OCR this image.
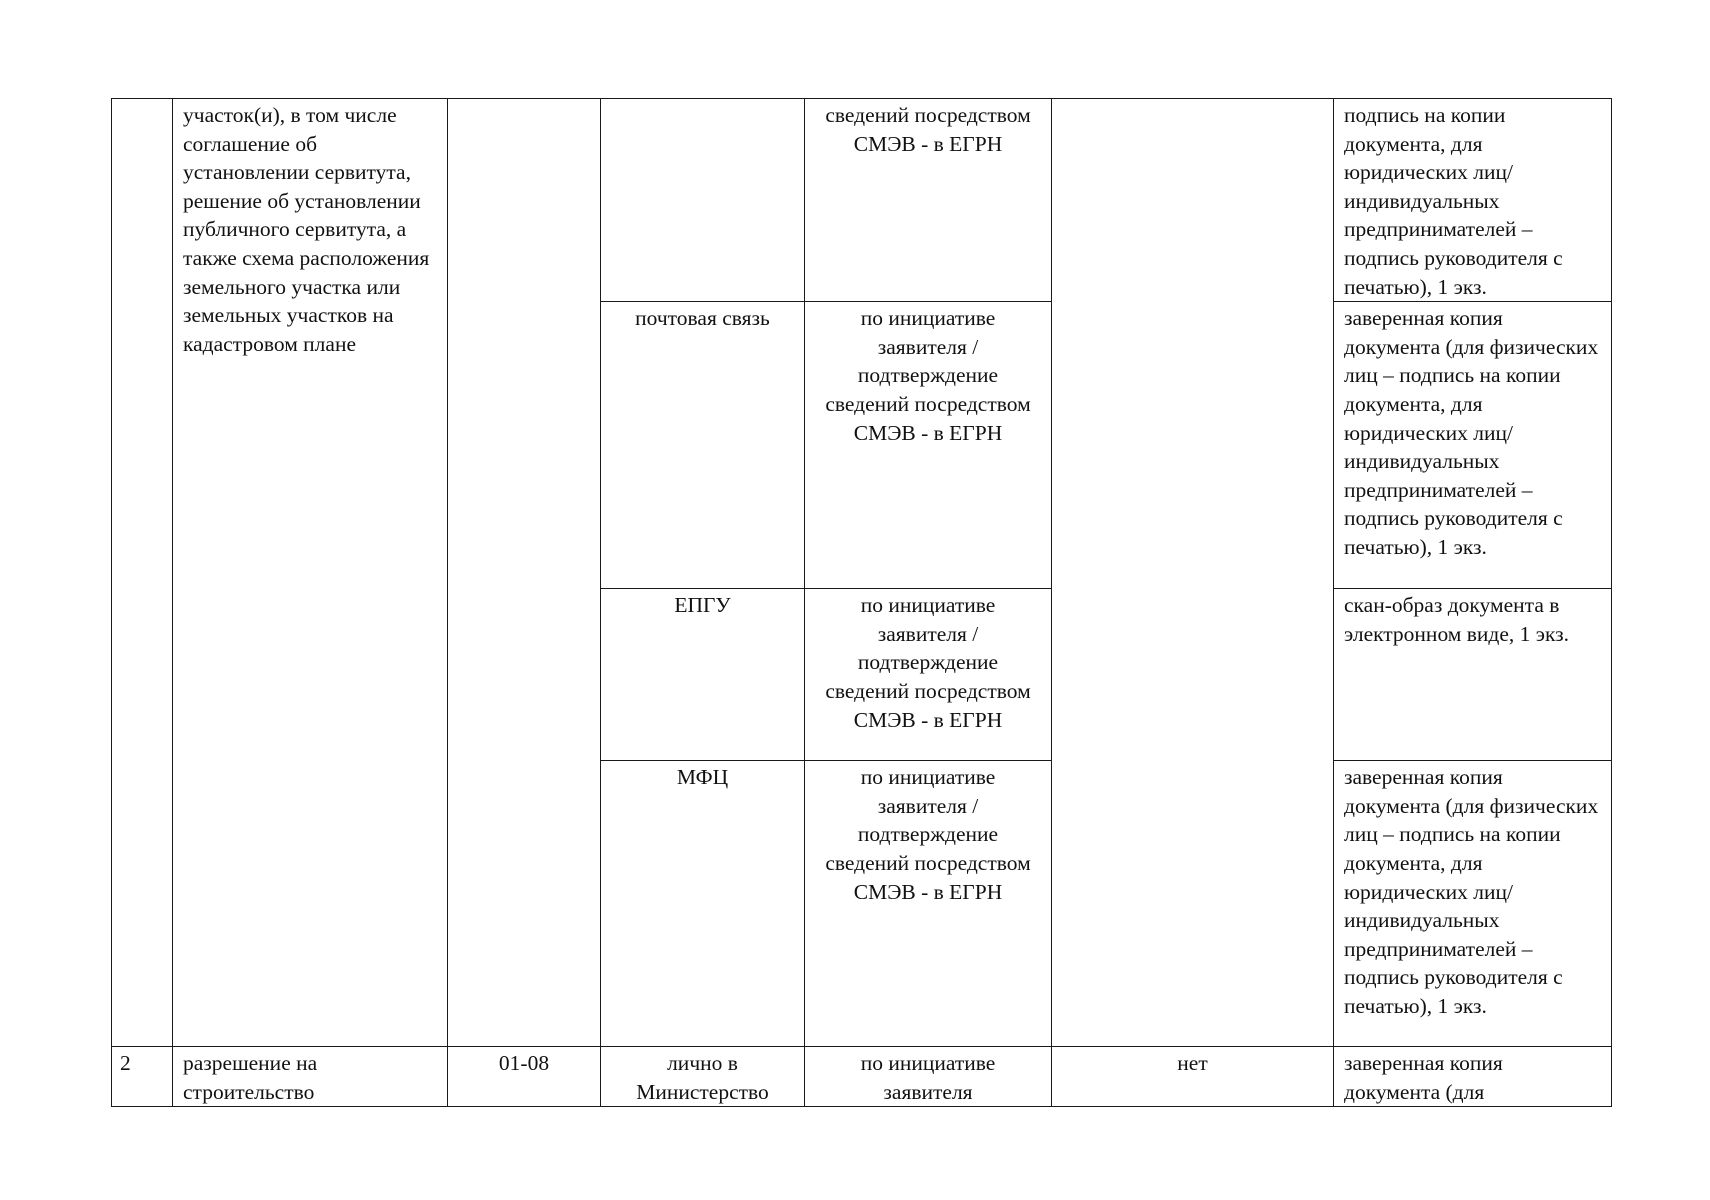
	участок(и), в том числе соглашение об установлении сервитута, решение об установлении публичного сервитута, а также схема расположения земельного участка или земельных участков на кадастровом плане			сведений посредством СМЭВ - в ЕГРН		подпись на копии документа, для юридических лиц/индивидуальных предпринимателей – подпись руководителя с печатью), 1 экз.
			почтовая связь	по инициативе заявителя /подтверждение сведений посредством СМЭВ - в ЕГРН		заверенная копия документа (для физических лиц – подпись на копии документа, для юридических лиц/индивидуальных предпринимателей – подпись руководителя с печатью), 1 экз.
			ЕПГУ	по инициативе заявителя /подтверждение сведений посредством СМЭВ - в ЕГРН		скан-образ документа в электронном виде, 1 экз.
			МФЦ	по инициативе заявителя /подтверждение сведений посредством СМЭВ - в ЕГРН		заверенная копия документа (для физических лиц – подпись на копии документа, для юридических лиц/индивидуальных предпринимателей – подпись руководителя с печатью), 1 экз.
2	разрешение на строительство	01-08	лично в Министерство	по инициативе заявителя	нет	заверенная копия документа (для
